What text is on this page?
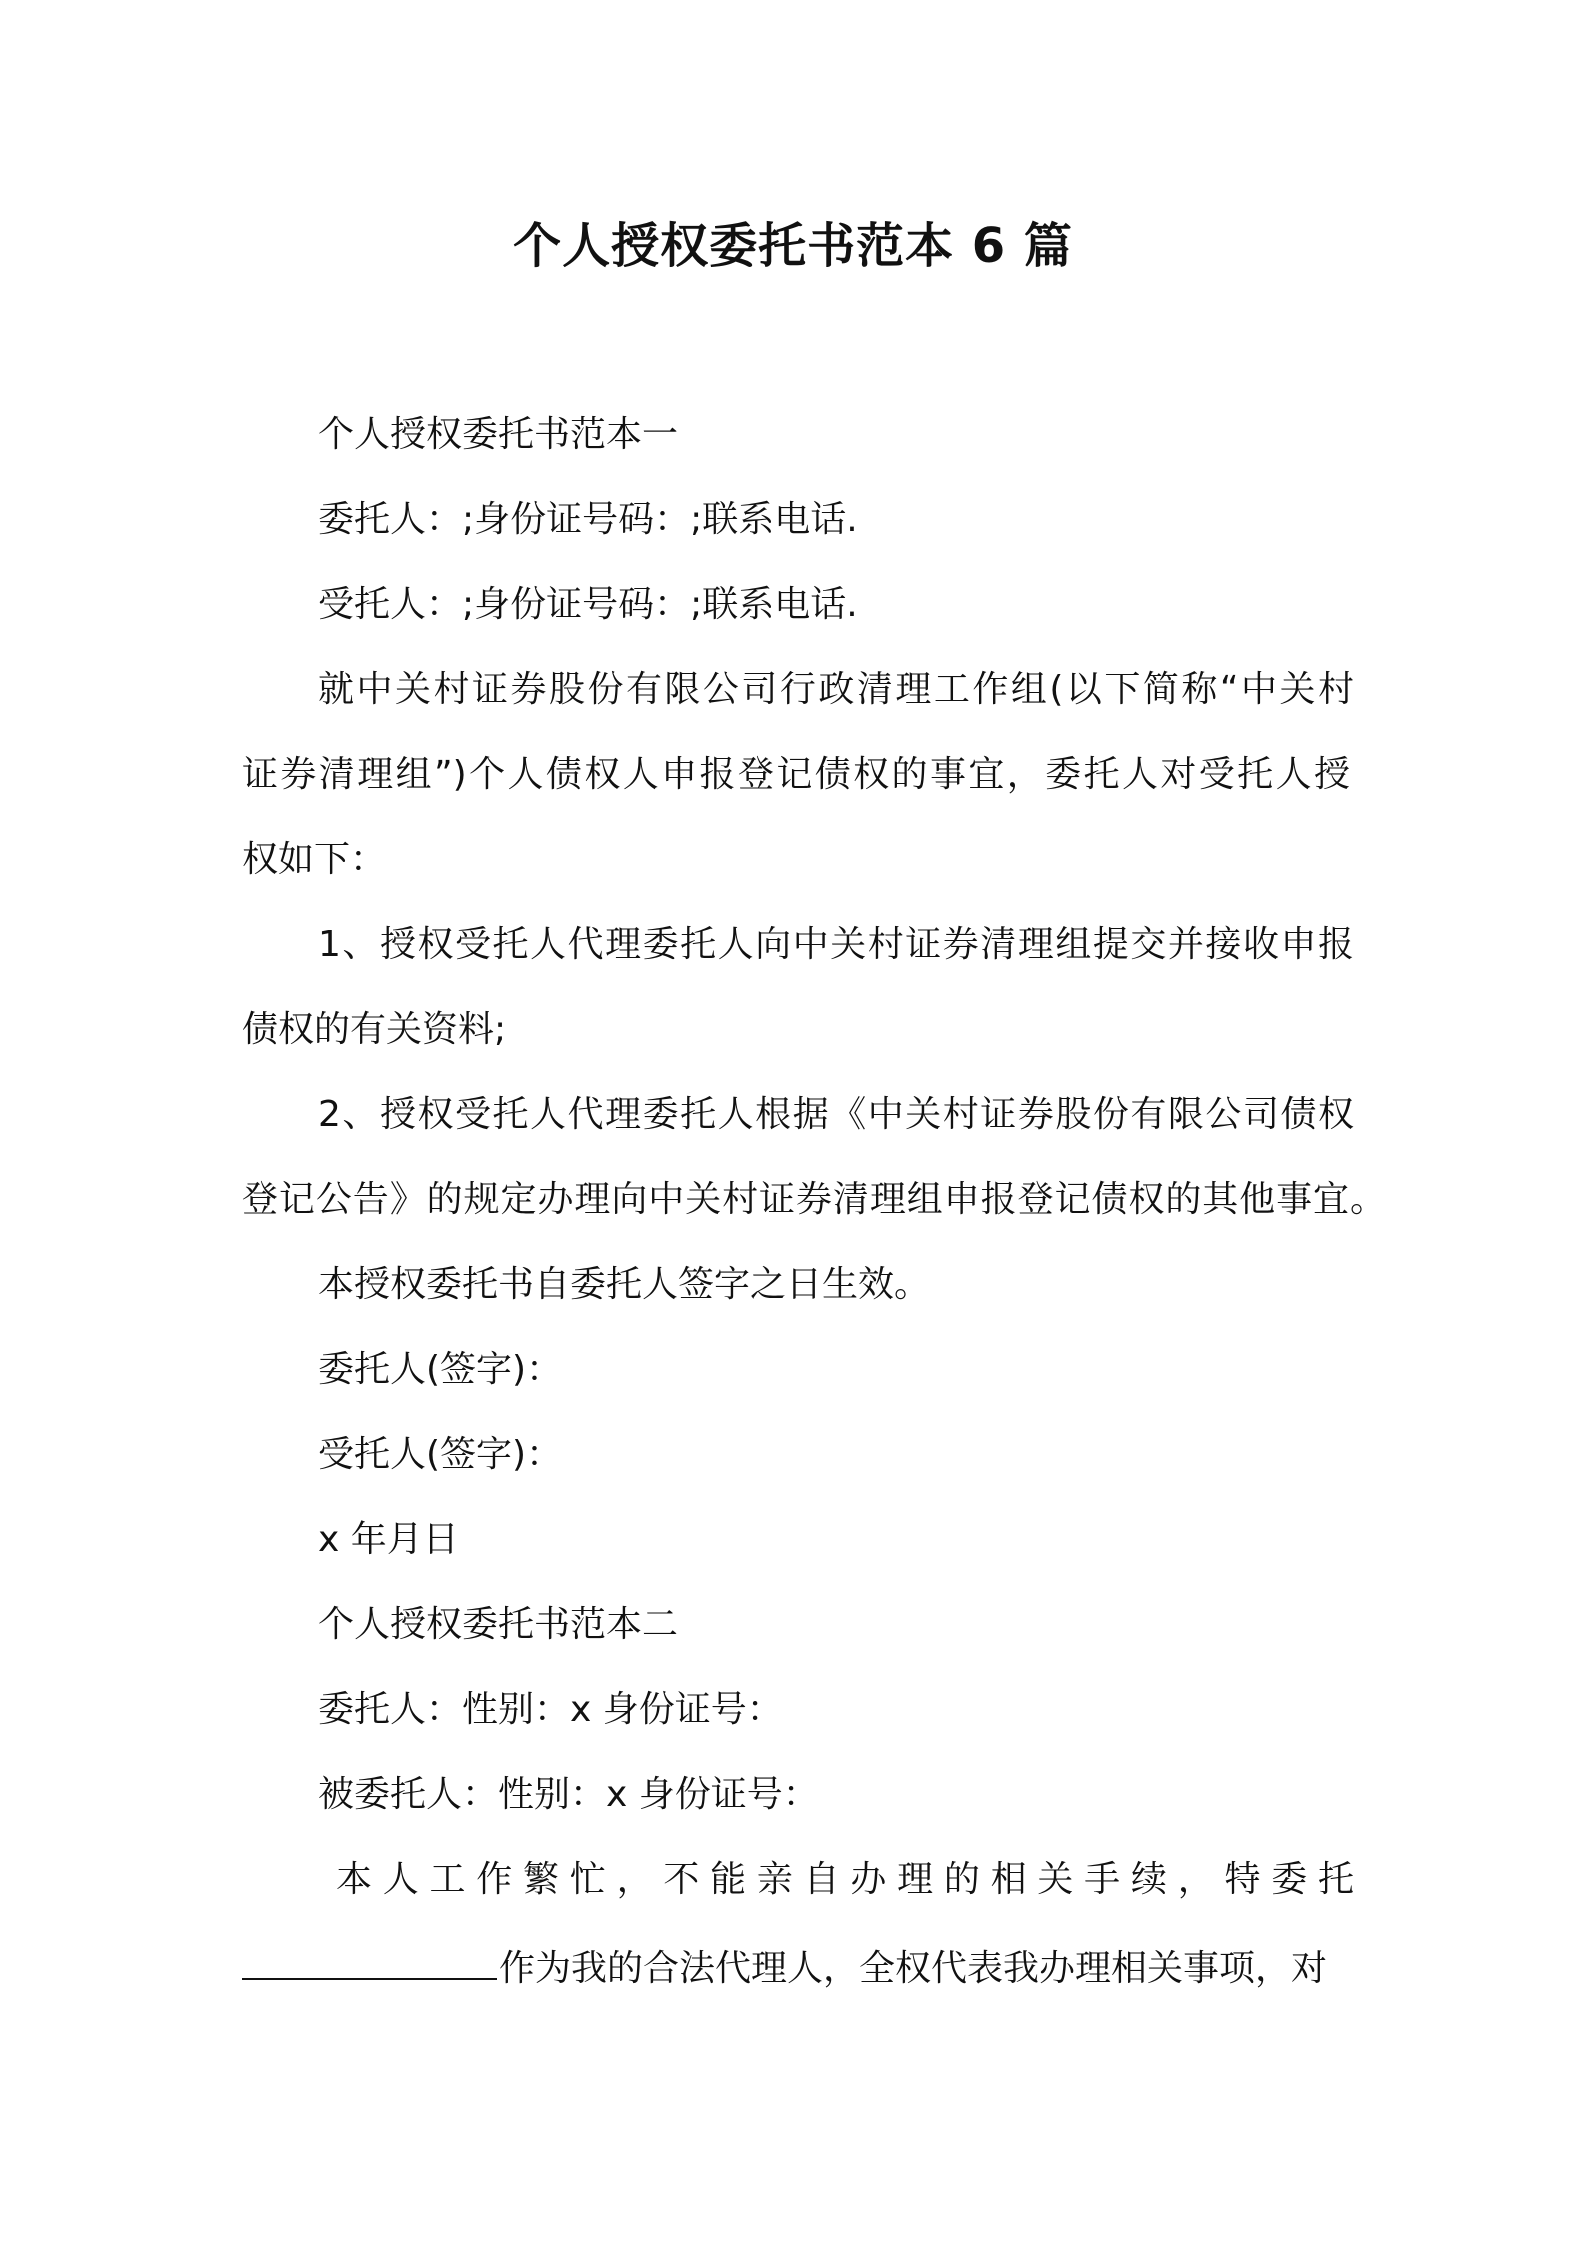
个人授权委托书范本 6 篇
个人授权委托书范本一
委托人：;身份证号码：;联系电话.
受托人：;身份证号码：;联系电话.
就中关村证券股份有限公司行政清理工作组(以下简称“中关村
证券清理组”)个人债权人申报登记债权的事宜，委托人对受托人授
权如下：
1、授权受托人代理委托人向中关村证券清理组提交并接收申报
债权的有关资料;
2、授权受托人代理委托人根据《中关村证券股份有限公司债权
登记公告》的规定办理向中关村证券清理组申报登记债权的其他事宜。
本授权委托书自委托人签字之日生效。
委托人(签字)：
受托人(签字)：
x 年月日
个人授权委托书范本二
委托人：性别：x 身份证号：
被委托人：性别：x 身份证号：
本人工作繁忙，不能亲自办理的相关手续，特委托
作为我的合法代理人，全权代表我办理相关事项，对
